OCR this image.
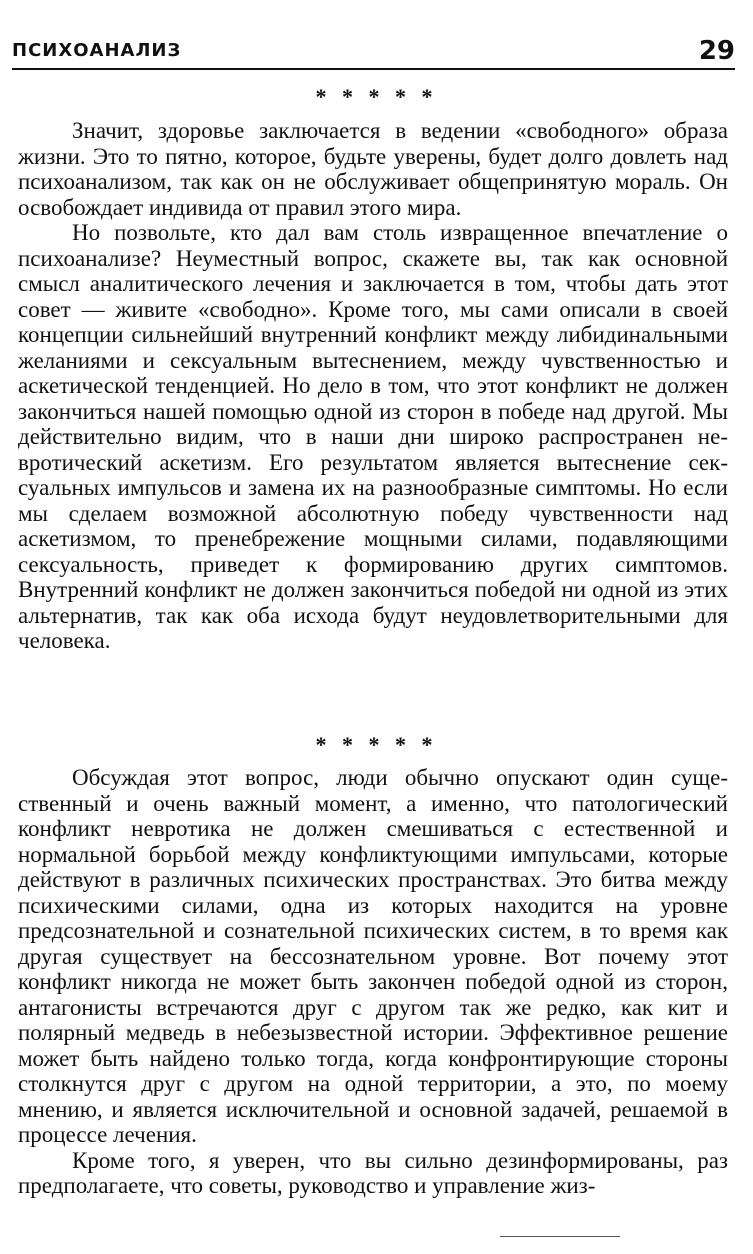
ПСИХОАНАЛИЗ	29
* * * * *

Значит, здоровье заключается в ведении «свободного» образа жизни. Это то пятно, которое, будьте уверены, будет долго довлеть над психоанализом, так как он не обслуживает общепринятую мораль. Он освобождает индивида от правил этого мира.

Но позвольте, кто дал вам столь извращенное впечатление о психоанализе? Неуместный вопрос, скажете вы, так как основной смысл аналитического лечения и заключается в том, чтобы дать этот совет — живите «свободно». Кроме того, мы сами описали в своей концепции сильнейший внутренний конфликт между либидинальными желаниями и сексуальным вытеснением, между чувственностью и аскетической тенденцией. Но дело в том, что этот конфликт не должен закончиться нашей помощью одной из сторон в победе над другой. Мы действительно видим, что в наши дни широко распространен невротический аскетизм. Его результатом является вытеснение сексуальных импульсов и замена их на разнообразные симптомы. Но если мы сделаем возможной абсолютную победу чувственности над аскетизмом, то пренебрежение мощными силами, подавляющими сексуальность, приведет к формированию других симптомов. Внутренний конфликт не должен закончиться победой ни одной из этих альтернатив, так как оба исхода будут неудовлетворительными для человека.

* * * * *

Обсуждая этот вопрос, люди обычно опускают один существенный и очень важный момент, а именно, что патологический конфликт невротика не должен смешиваться с естественной и нормальной борьбой между конфликтующими импульсами, которые действуют в различных психических пространствах. Это битва между психическими силами, одна из которых находится на уровне предсознательной и сознательной психических систем, в то время как другая существует на бессознательном уровне. Вот почему этот конфликт никогда не может быть закончен победой одной из сторон, антагонисты встречаются друг с другом так же редко, как кит и полярный медведь в небезызвестной истории. Эффективное решение может быть найдено только тогда, когда конфронтирующие стороны столкнутся друг с другом на одной территории, а это, по моему мнению, и является исключительной и основной задачей, решаемой в процессе лечения.

Кроме того, я уверен, что вы сильно дезинформированы, раз предполагаете, что советы, руководство и управление жиз-
